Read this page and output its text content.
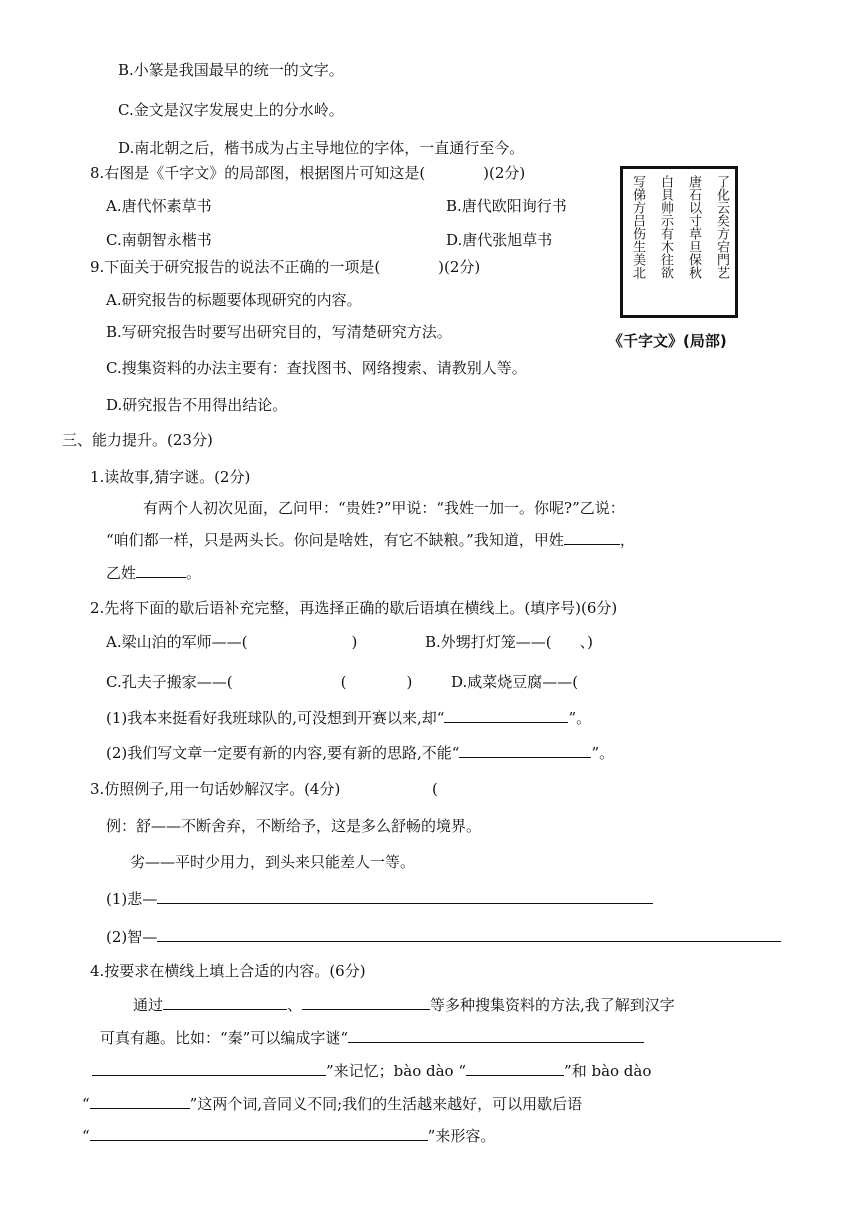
B.小篆是我国最早的统一的文字。
C.金文是汉字发展史上的分水岭。
D.南北朝之后，楷书成为占主导地位的字体，一直通行至今。
8.右图是《千字文》的局部图，根据图片可知这是(	)(2分)
A.唐代怀素草书	B.唐代欧阳询行书
C.南朝智永楷书	D.唐代张旭草书	了化云矣方宕門艺
唐石以寸草旦保秋
白貝帅示有木往欲
写俤方吕伤生美北
《千字文》(局部)
9.下面关于研究报告的说法不正确的一项是(	)(2分)
A.研究报告的标题要体现研究的内容。
B.写研究报告时要写出研究目的，写清楚研究方法。
C.搜集资料的办法主要有：查找图书、网络搜索、请教别人等。
D.研究报告不用得出结论。
三、能力提升。(23分)
1.读故事,猜字谜。(2分)
有两个人初次见面，乙问甲：“贵姓?”甲说：“我姓一加一。你呢?”乙说：
“咱们都一样，只是两头长。你问是啥姓，有它不缺粮。”我知道，甲姓	，
乙姓	。
2.先将下面的歇后语补充完整，再选择正确的歇后语填在横线上。(填序号)(6分)
A.梁山泊的军师——(	)	B.外甥打灯笼——( 、)
C.孔夫子搬家——(	(	)	D.咸菜烧豆腐——(
(1)我本来挺看好我班球队的,可没想到开赛以来,却“	”。
(2)我们写文章一定要有新的内容,要有新的思路,不能“	”。
3.仿照例子,用一句话妙解汉字。(4分)	(
例：舒——不断舍弃，不断给予，这是多么舒畅的境界。
劣——平时少用力，到头来只能差人一等。
(1)悲—
(2)智—
4.按要求在横线上填上合适的内容。(6分)
通过	、	等多种搜集资料的方法,我了解到汉字
可真有趣。比如：“秦”可以编成字谜“
”来记忆；bào dào “	”和 bào dào
“	”这两个词,音同义不同;我们的生活越来越好，可以用歇后语
“	”来形容。
